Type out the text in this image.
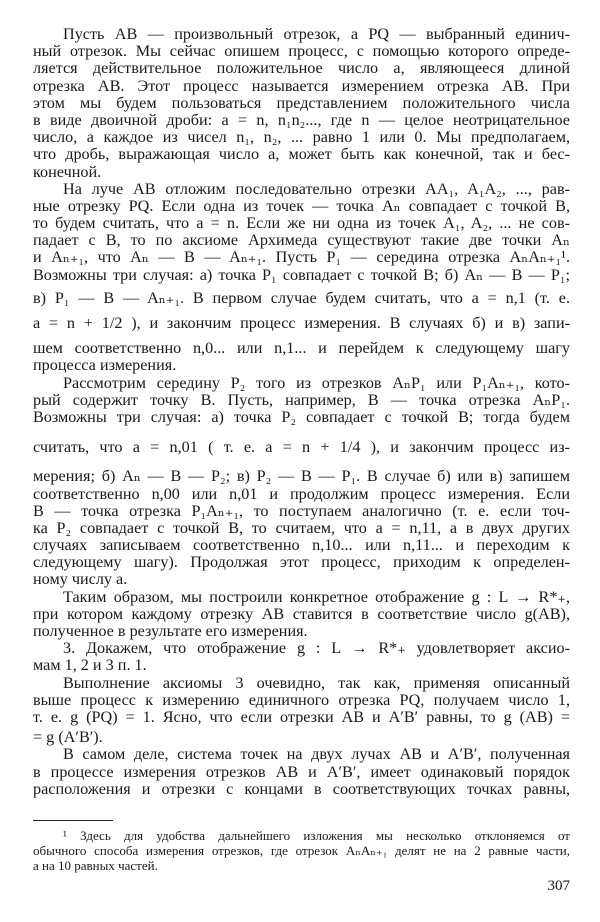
Пусть AB — произвольный отрезок, а PQ — выбранный единич-
ный отрезок. Мы сейчас опишем процесс, с помощью которого опреде-
ляется действительное положительное число a, являющееся длиной
отрезка AB. Этот процесс называется измерением отрезка AB. При
этом мы будем пользоваться представлением положительного числа
в виде двоичной дроби: a = n, n₁n₂..., где n — целое неотрицательное
число, а каждое из чисел n₁, n₂, ... равно 1 или 0. Мы предполагаем,
что дробь, выражающая число a, может быть как конечной, так и бес-
конечной.
На луче AB отложим последовательно отрезки AA₁, A₁A₂, ..., рав-
ные отрезку PQ. Если одна из точек — точка Aₙ совпадает с точкой B,
то будем считать, что a = n. Если же ни одна из точек A₁, A₂, ... не сов-
падает с B, то по аксиоме Архимеда существуют такие две точки Aₙ
и Aₙ₊₁, что Aₙ — B — Aₙ₊₁. Пусть P₁ — середина отрезка AₙAₙ₊₁¹.
Возможны три случая: а) точка P₁ совпадает с точкой B; б) Aₙ — B — P₁;
в) P₁ — B — Aₙ₊₁. В первом случае будем считать, что a = n,1 (т. е.
a = n + 1/2 ), и закончим процесс измерения. В случаях б) и в) запи-
шем соответственно n,0... или n,1... и перейдем к следующему шагу
процесса измерения.
Рассмотрим середину P₂ того из отрезков AₙP₁ или P₁Aₙ₊₁, кото-
рый содержит точку B. Пусть, например, B — точка отрезка AₙP₁.
Возможны три случая: а) точка P₂ совпадает с точкой B; тогда будем
считать, что a = n,01 ( т. е. a = n + 1/4 ), и закончим процесс из-
мерения; б) Aₙ — B — P₂; в) P₂ — B — P₁. В случае б) или в) запишем
соответственно n,00 или n,01 и продолжим процесс измерения. Если
B — точка отрезка P₁Aₙ₊₁, то поступаем аналогично (т. е. если точ-
ка P₂ совпадает с точкой B, то считаем, что a = n,11, а в двух других
случаях записываем соответственно n,10... или n,11... и переходим к
следующему шагу). Продолжая этот процесс, приходим к определен-
ному числу a.
Таким образом, мы построили конкретное отображение g : L → R*₊,
при котором каждому отрезку AB ставится в соответствие число g(AB),
полученное в результате его измерения.
3. Докажем, что отображение g : L → R*₊ удовлетворяет аксио-
мам 1, 2 и 3 п. 1.
Выполнение аксиомы 3 очевидно, так как, применяя описанный
выше процесс к измерению единичного отрезка PQ, получаем число 1,
т. е. g (PQ) = 1. Ясно, что если отрезки AB и A′B′ равны, то g (AB) =
= g (A′B′).
В самом деле, система точек на двух лучах AB и A′B′, полученная
в процессе измерения отрезков AB и A′B′, имеет одинаковый порядок
расположения и отрезки с концами в соответствующих точках равны,
¹ Здесь для удобства дальнейшего изложения мы несколько отклоняемся от
обычного способа измерения отрезков, где отрезок AₙAₙ₊₁ делят не на 2 равные части,
а на 10 равных частей.
307
